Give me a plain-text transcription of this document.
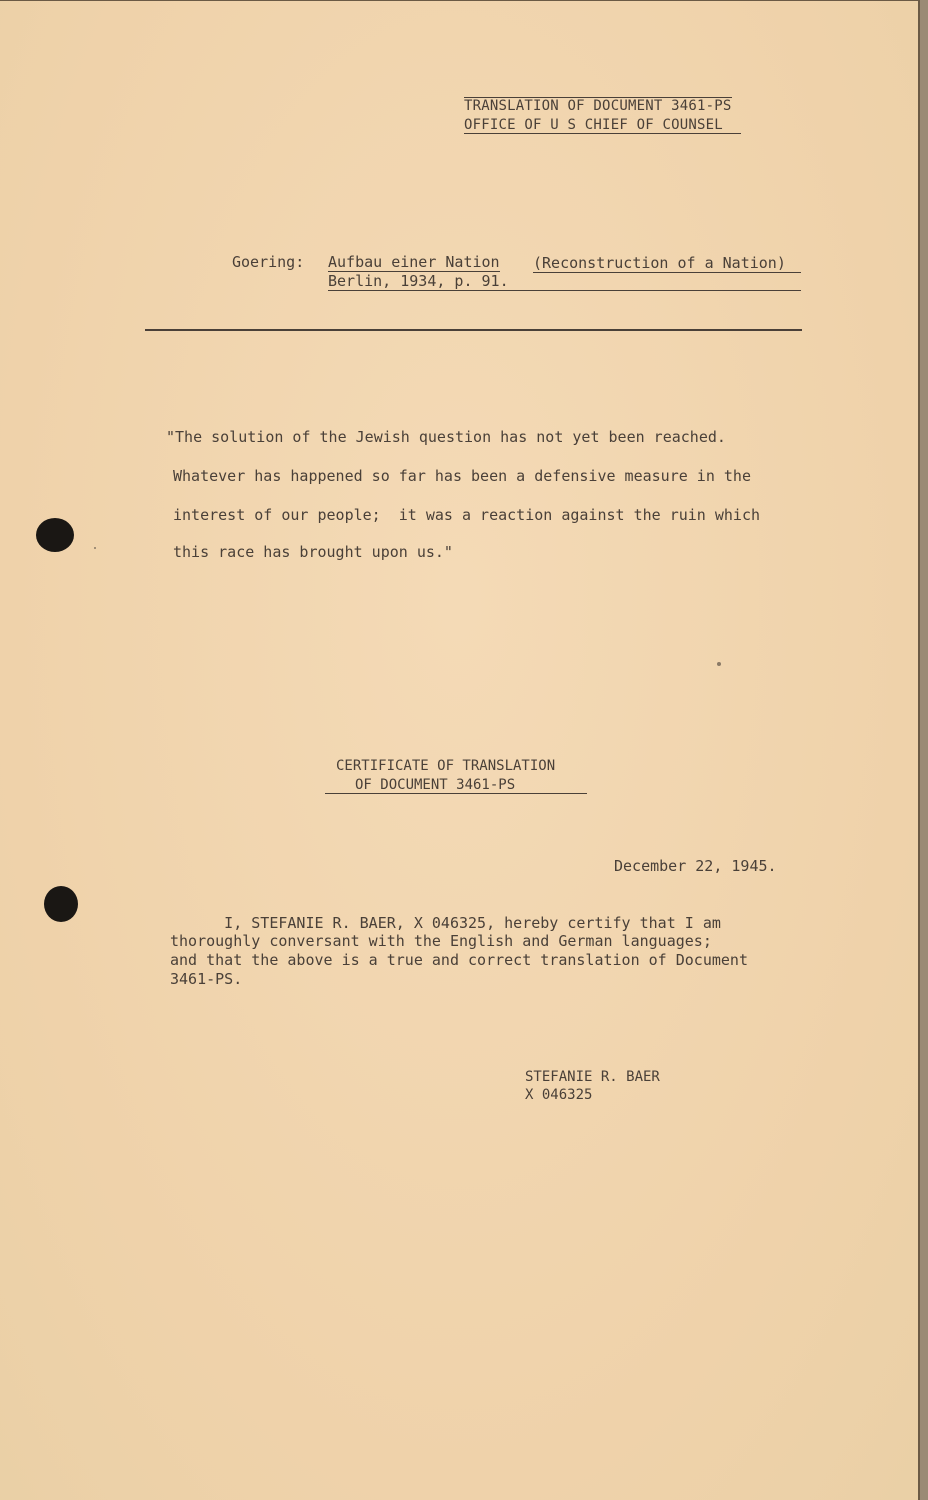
TRANSLATION OF DOCUMENT 3461-PS
OFFICE OF U S CHIEF OF COUNSEL
Goering: Aufbau einer Nation (Reconstruction of a Nation)
Berlin, 1934, p. 91.
"The solution of the Jewish question has not yet been reached.
Whatever has happened so far has been a defensive measure in the
interest of our people;  it was a reaction against the ruin which
this race has brought upon us."
CERTIFICATE OF TRANSLATION
OF DOCUMENT 3461-PS
December 22, 1945.
I, STEFANIE R. BAER, X 046325, hereby certify that I am
thoroughly conversant with the English and German languages;
and that the above is a true and correct translation of Document
3461-PS.
STEFANIE R. BAER
X 046325
